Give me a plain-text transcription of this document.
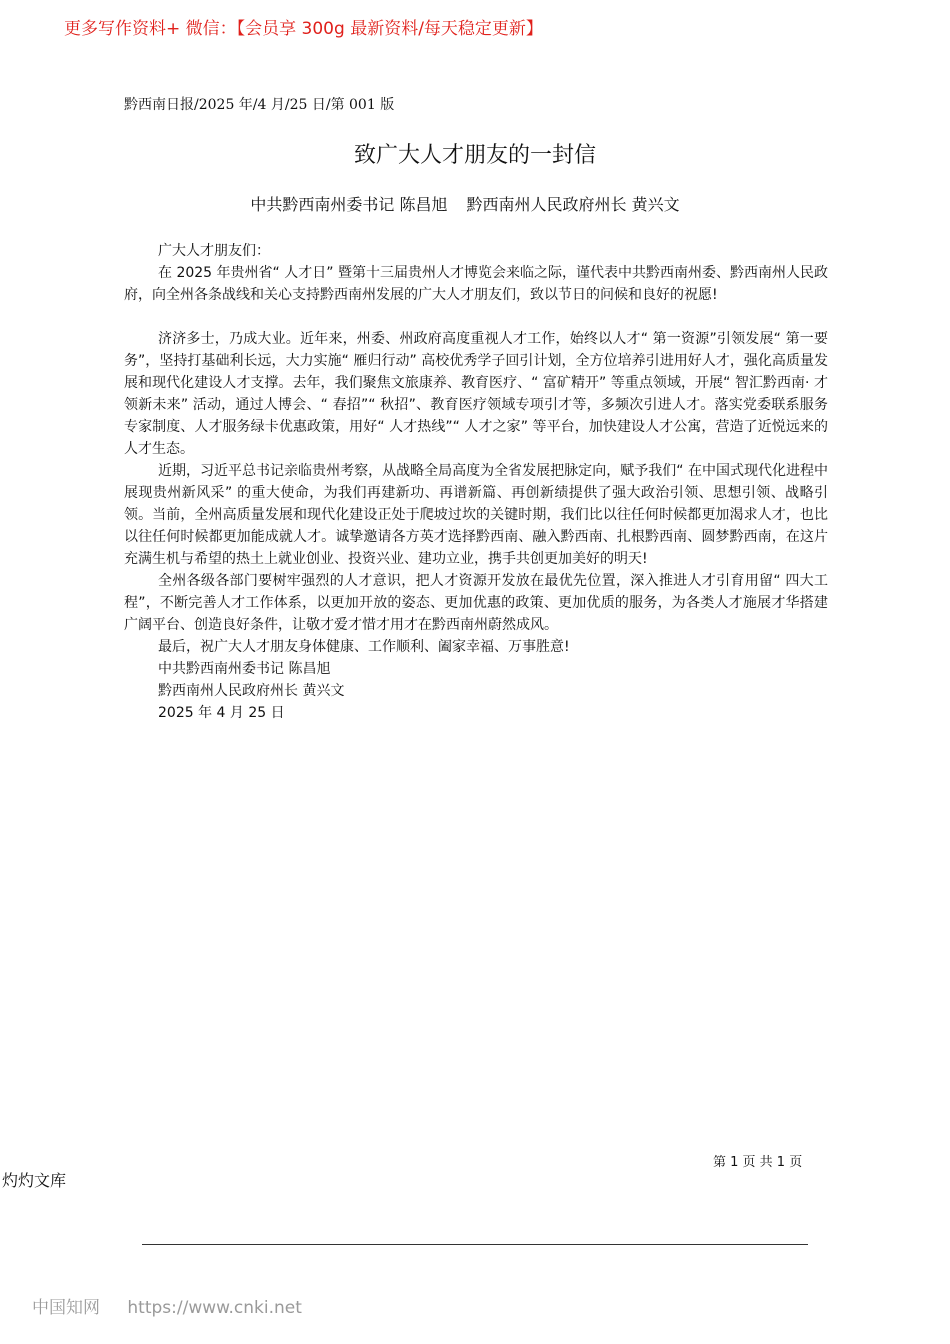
更多写作资料+ 微信：【会员享 300g 最新资料/每天稳定更新】
黔西南日报/2025 年/4 月/25 日/第 001 版
致广大人才朋友的一封信
中共黔西南州委书记 陈昌旭 黔西南州人民政府州长 黄兴文

广大人才朋友们：

在 2025 年贵州省“ 人才日” 暨第十三届贵州人才博览会来临之际，谨代表中共黔西南州委、黔西南州人民政府，向全州各条战线和关心支持黔西南州发展的广大人才朋友们，致以节日的问候和良好的祝愿!

济济多士，乃成大业。近年来，州委、州政府高度重视人才工作，始终以人才“ 第一资源”引领发展“ 第一要务”，坚持打基础利长远，大力实施“ 雁归行动” 高校优秀学子回引计划，全方位培养引进用好人才，强化高质量发展和现代化建设人才支撑。去年，我们聚焦文旅康养、教育医疗、“ 富矿精开” 等重点领域，开展“ 智汇黔西南· 才领新未来” 活动，通过人博会、“ 春招”“ 秋招”、教育医疗领域专项引才等，多频次引进人才。落实党委联系服务专家制度、人才服务绿卡优惠政策，用好“ 人才热线”“ 人才之家” 等平台，加快建设人才公寓，营造了近悦远来的人才生态。

近期，习近平总书记亲临贵州考察，从战略全局高度为全省发展把脉定向，赋予我们“ 在中国式现代化进程中展现贵州新风采” 的重大使命，为我们再建新功、再谱新篇、再创新绩提供了强大政治引领、思想引领、战略引领。当前，全州高质量发展和现代化建设正处于爬坡过坎的关键时期，我们比以往任何时候都更加渴求人才，也比以往任何时候都更加能成就人才。诚挚邀请各方英才选择黔西南、融入黔西南、扎根黔西南、圆梦黔西南，在这片充满生机与希望的热土上就业创业、投资兴业、建功立业，携手共创更加美好的明天!

全州各级各部门要树牢强烈的人才意识，把人才资源开发放在最优先位置，深入推进人才引育用留“ 四大工程”，不断完善人才工作体系，以更加开放的姿态、更加优惠的政策、更加优质的服务，为各类人才施展才华搭建广阔平台、创造良好条件，让敬才爱才惜才用才在黔西南州蔚然成风。

最后，祝广大人才朋友身体健康、工作顺利、阖家幸福、万事胜意!

中共黔西南州委书记 陈昌旭

黔西南州人民政府州长 黄兴文

2025 年 4 月 25 日

第 1 页 共 1 页
灼灼文库
中国知网 https://www.cnki.net
